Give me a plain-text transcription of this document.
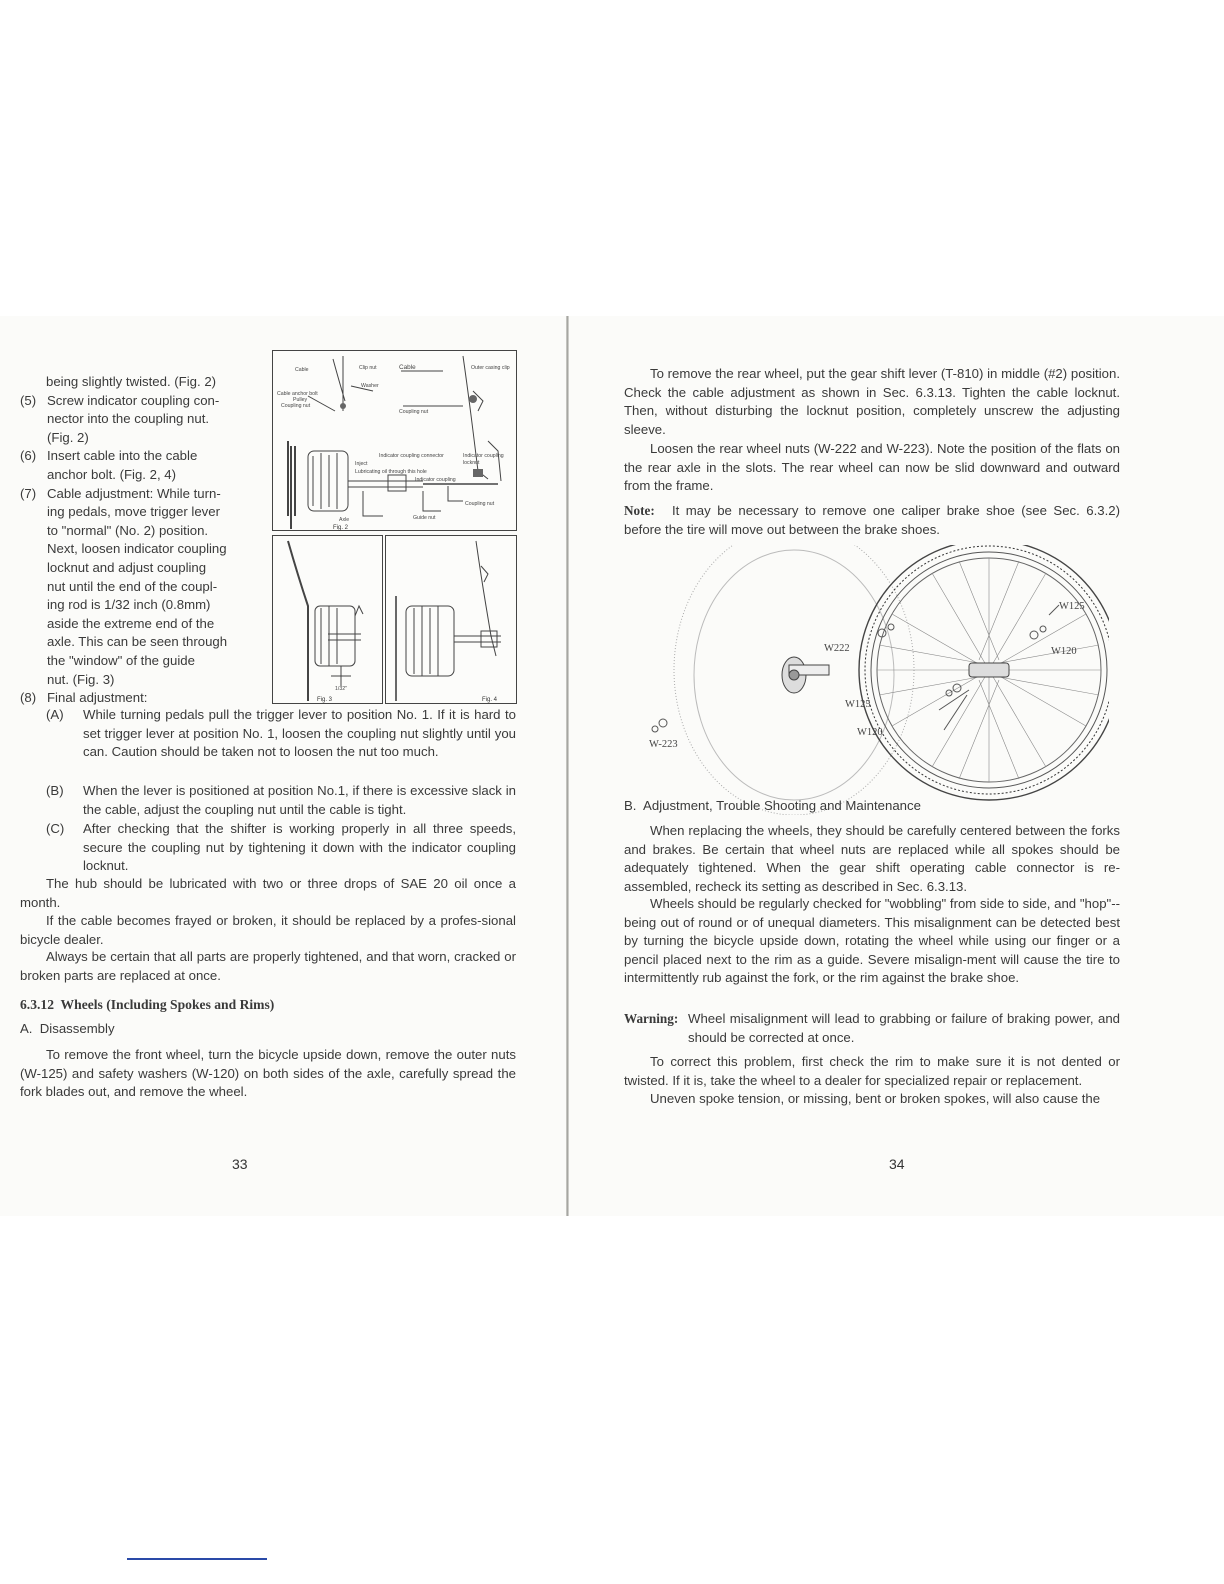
being slightly twisted. (Fig. 2)
(5) Screw indicator coupling con-
nector into the coupling nut.
(Fig. 2)
(6) Insert cable into the cable
anchor bolt. (Fig. 2, 4)
(7) Cable adjustment: While turn-
ing pedals, move trigger lever
to "normal" (No. 2) position.
Next, loosen indicator coupling
locknut and adjust coupling
nut until the end of the coupl-
ing rod is 1/32 inch (0.8mm)
aside the extreme end of the
axle. This can be seen through
the "window" of the guide
nut. (Fig. 3)
(8) Final adjustment:
Cable	Clip nut	Cable	Outer casing clip
Cable anchor bolt
Washer
Pulley
Coupling nut
Coupling nut
Indicator coupling connector
Inject
Lubricating oil through this hole
Indicator coupling locknut
Indicator coupling
Coupling nut
Axle	Guide nut
Fig. 2
1/32"
Fig. 3	Fig. 4
(A) While turning pedals pull the trigger lever to position No. 1. If it is hard to set trigger lever at position No. 1, loosen the coupling nut slightly until you can. Caution should be taken not to loosen the nut too much.

(B) When the lever is positioned at position No.1, if there is excessive slack in the cable, adjust the coupling nut until the cable is tight.

(C) After checking that the shifter is working properly in all three speeds, secure the coupling nut by tightening it down with the indicator coupling locknut.

The hub should be lubricated with two or three drops of SAE 20 oil once a month.

If the cable becomes frayed or broken, it should be replaced by a profes-sional bicycle dealer.

Always be certain that all parts are properly tightened, and that worn, cracked or broken parts are replaced at once.

6.3.12  Wheels (Including Spokes and Rims)
A.  Disassembly

To remove the front wheel, turn the bicycle upside down, remove the outer nuts (W-125) and safety washers (W-120) on both sides of the axle, carefully spread the fork blades out, and remove the wheel.

33

To remove the rear wheel, put the gear shift lever (T-810) in middle (#2) position. Check the cable adjustment as shown in Sec. 6.3.13. Tighten the cable locknut. Then, without disturbing the locknut position, completely unscrew the adjusting sleeve.

Loosen the rear wheel nuts (W-222 and W-223). Note the position of the flats on the rear axle in the slots. The rear wheel can now be slid downward and outward from the frame.

Note:	It may be necessary to remove one caliper brake shoe (see Sec. 6.3.2) before the tire will move out between the brake shoes.

W222
W-223
W125
W120
W125
W120
B.  Adjustment, Trouble Shooting and Maintenance

When replacing the wheels, they should be carefully centered between the forks and brakes. Be certain that wheel nuts are replaced while all spokes should be adequately tightened. When the gear shift operating cable connector is re-assembled, recheck its setting as described in Sec. 6.3.13.

Wheels should be regularly checked for "wobbling" from side to side, and "hop"--being out of round or of unequal diameters. This misalignment can be detected best by turning the bicycle upside down, rotating the wheel while using our finger or a pencil placed next to the rim as a guide. Severe misalign-ment will cause the tire to intermittently rub against the fork, or the rim against the brake shoe.

Warning: Wheel misalignment will lead to grabbing or failure of braking power, and should be corrected at once.

To correct this problem, first check the rim to make sure it is not dented or twisted. If it is, take the wheel to a dealer for specialized repair or replacement.

Uneven spoke tension, or missing, bent or broken spokes, will also cause the

34
